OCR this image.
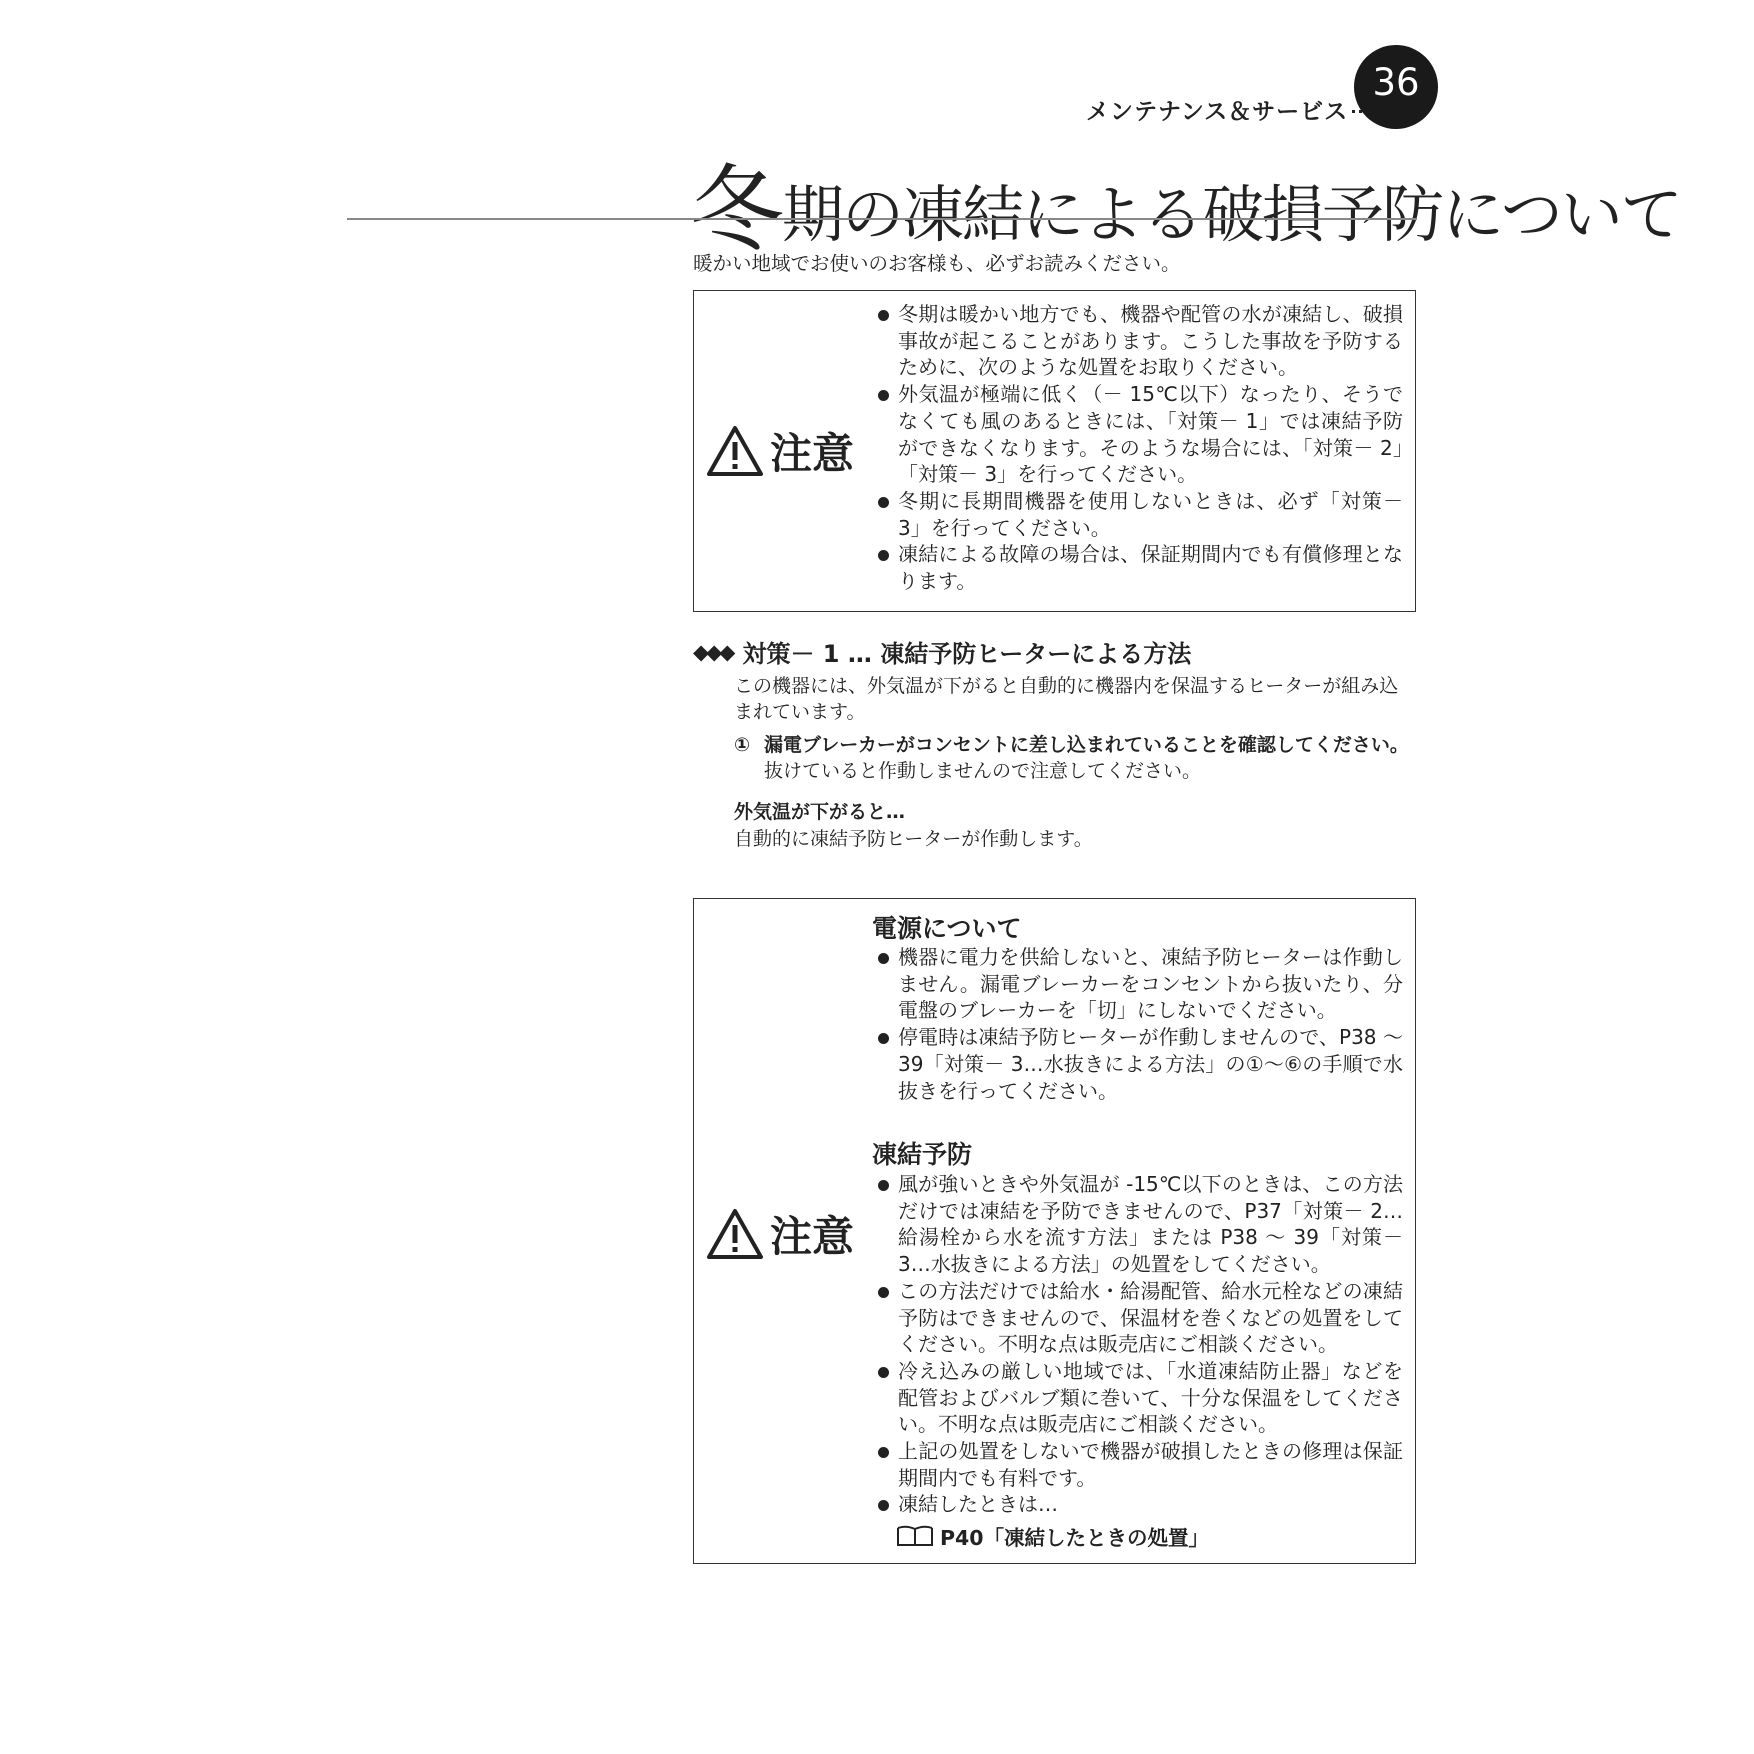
メンテナンス＆サービス
36
冬期の凍結による破損予防について
暖かい地域でお使いのお客様も、必ずお読みください。
注意
冬期は暖かい地方でも、機器や配管の水が凍結し、破損事故が起こることがあります。こうした事故を予防するために、次のような処置をお取りください。
外気温が極端に低く（－ 15℃以下）なったり、そうでなくても風のあるときには、「対策－ 1」では凍結予防ができなくなります。そのような場合には、「対策－ 2」「対策－ 3」を行ってください。
冬期に長期間機器を使用しないときは、必ず「対策－ 3」を行ってください。
凍結による故障の場合は、保証期間内でも有償修理となります。
◆◆◆ 対策－ 1 … 凍結予防ヒーターによる方法
この機器には、外気温が下がると自動的に機器内を保温するヒーターが組み込まれています。
① 漏電ブレーカーがコンセントに差し込まれていることを確認してください。
抜けていると作動しませんので注意してください。
外気温が下がると…
自動的に凍結予防ヒーターが作動します。
注意
電源について
機器に電力を供給しないと、凍結予防ヒーターは作動しません。漏電ブレーカーをコンセントから抜いたり、分電盤のブレーカーを「切」にしないでください。
停電時は凍結予防ヒーターが作動しませんので、P38 ～ 39「対策－ 3…水抜きによる方法」の①～⑥の手順で水抜きを行ってください。
凍結予防
風が強いときや外気温が -15℃以下のときは、この方法だけでは凍結を予防できませんので、P37「対策－ 2…給湯栓から水を流す方法」または P38 ～ 39「対策－ 3…水抜きによる方法」の処置をしてください。
この方法だけでは給水・給湯配管、給水元栓などの凍結予防はできませんので、保温材を巻くなどの処置をしてください。不明な点は販売店にご相談ください。
冷え込みの厳しい地域では、「水道凍結防止器」などを配管およびバルブ類に巻いて、十分な保温をしてください。不明な点は販売店にご相談ください。
上記の処置をしないで機器が破損したときの修理は保証期間内でも有料です。
凍結したときは…
P40「凍結したときの処置」
